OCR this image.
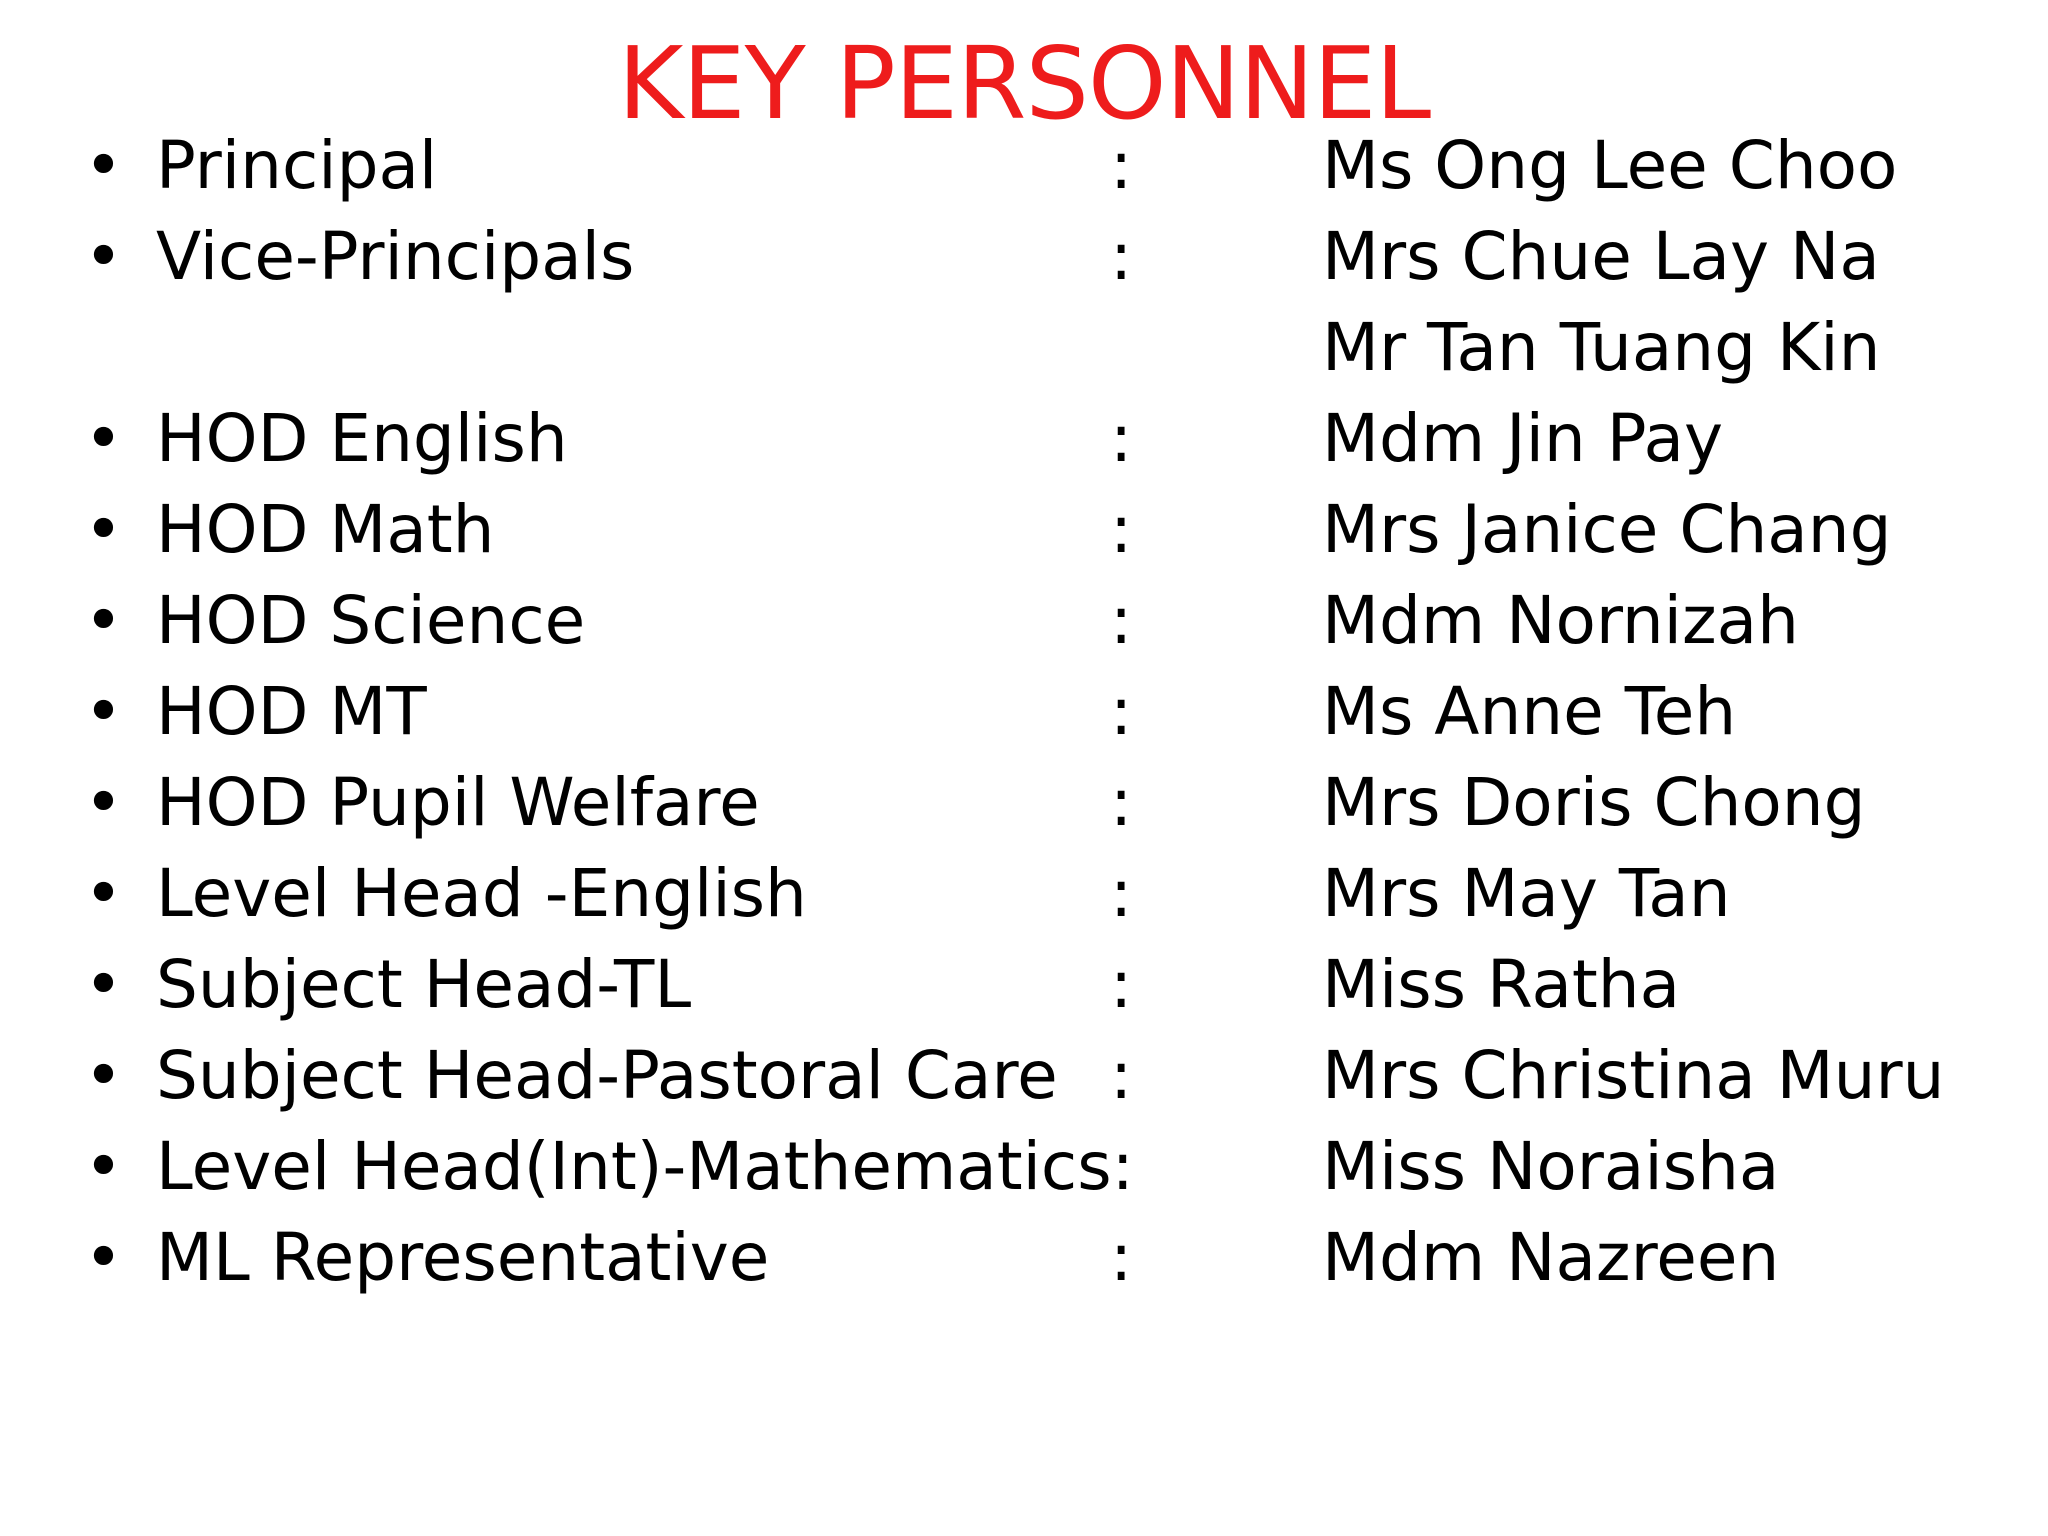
KEY PERSONNEL
• Principal	:	Ms Ong Lee Choo
• Vice-Principals	:	Mrs Chue Lay Na
Mr Tan Tuang Kin
• HOD English	:	Mdm Jin Pay
• HOD Math	:	Mrs Janice Chang
• HOD Science	:	Mdm Nornizah
• HOD MT	:	Ms Anne Teh
• HOD Pupil Welfare	:	Mrs Doris Chong
• Level Head -English	:	Mrs May Tan
• Subject Head-TL	:	Miss Ratha
• Subject Head-Pastoral Care :	Mrs Christina Muru
• Level Head(Int)-Mathematics:	Miss Noraisha
• ML Representative	:	Mdm Nazreen
